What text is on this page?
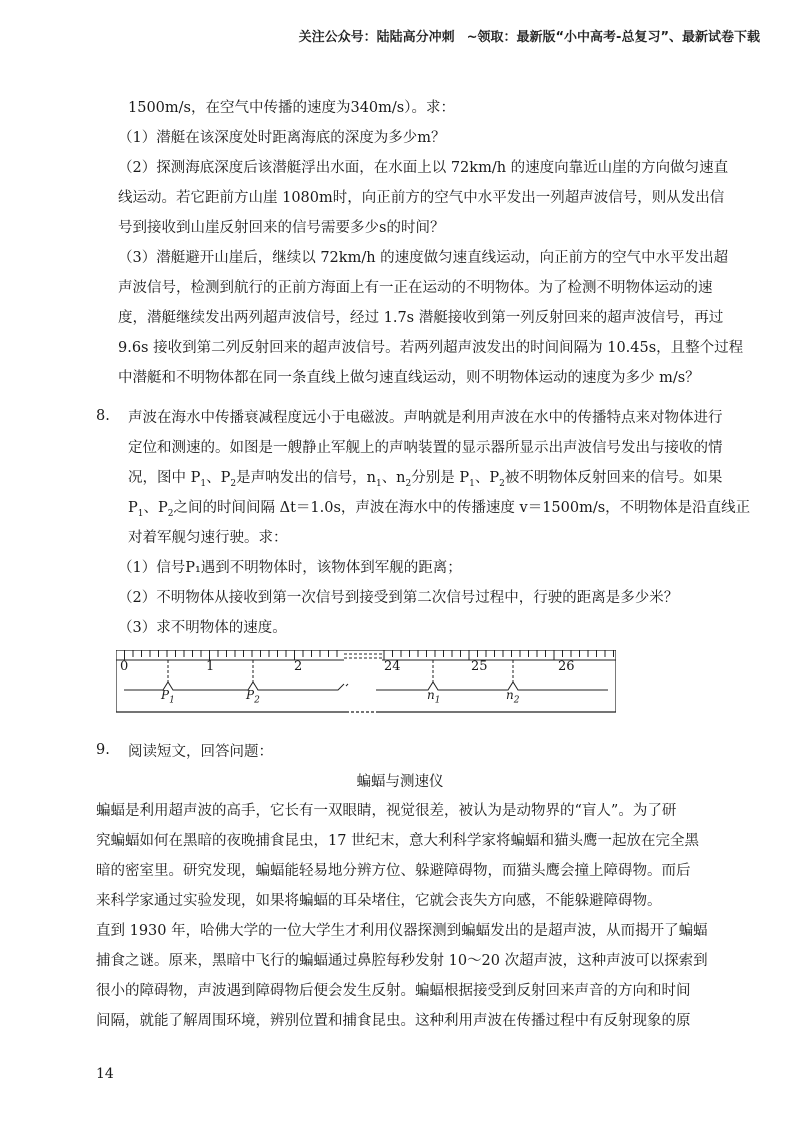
关注公众号：陆陆高分冲刺 ~领取：最新版“小中高考-总复习”、最新试卷下载
1500m/s，在空气中传播的速度为340m/s）。求：
（1）潜艇在该深度处时距离海底的深度为多少m？
（2）探测海底深度后该潜艇浮出水面，在水面上以 72km/h 的速度向靠近山崖的方向做匀速直
线运动。若它距前方山崖 1080m时，向正前方的空气中水平发出一列超声波信号，则从发出信
号到接收到山崖反射回来的信号需要多少s的时间？
（3）潜艇避开山崖后，继续以 72km/h 的速度做匀速直线运动，向正前方的空气中水平发出超
声波信号，检测到航行的正前方海面上有一正在运动的不明物体。为了检测不明物体运动的速
度，潜艇继续发出两列超声波信号，经过 1.7s 潜艇接收到第一列反射回来的超声波信号，再过
9.6s 接收到第二列反射回来的超声波信号。若两列超声波发出的时间间隔为 10.45s，且整个过程
中潜艇和不明物体都在同一条直线上做匀速直线运动，则不明物体运动的速度为多少 m/s？
8. 声波在海水中传播衰减程度远小于电磁波。声呐就是利用声波在水中的传播特点来对物体进行
定位和测速的。如图是一艘静止军舰上的声呐装置的显示器所显示出声波信号发出与接收的情
况，图中 $P_1$、$P_2$是声呐发出的信号，$n_1$、$n_2$分别是 $P_1$、$P_2$被不明物体反射回来的信号。如果
$P_1$、$P_2$之间的时间间隔 Δt＝1.0s，声波在海水中的传播速度 v＝1500m/s，不明物体是沿直线正
对着军舰匀速行驶。求：
（1）信号P₁遇到不明物体时，该物体到军舰的距离；
（2）不明物体从接收到第一次信号到接受到第二次信号过程中，行驶的距离是多少米？
（3）求不明物体的速度。
0	1	2	24	25	26
$P_1$	$P_2$	$n_1$	$n_2$
9. 阅读短文，回答问题：
蝙蝠与测速仪
蝙蝠是利用超声波的高手，它长有一双眼睛，视觉很差，被认为是动物界的“盲人”。为了研
究蝙蝠如何在黑暗的夜晚捕食昆虫，17 世纪末，意大利科学家将蝙蝠和猫头鹰一起放在完全黑
暗的密室里。研究发现，蝙蝠能轻易地分辨方位、躲避障碍物，而猫头鹰会撞上障碍物。而后
来科学家通过实验发现，如果将蝙蝠的耳朵堵住，它就会丧失方向感，不能躲避障碍物。
直到 1930 年，哈佛大学的一位大学生才利用仪器探测到蝙蝠发出的是超声波，从而揭开了蝙蝠
捕食之谜。原来，黑暗中飞行的蝙蝠通过鼻腔每秒发射 10～20 次超声波，这种声波可以探索到
很小的障碍物，声波遇到障碍物后便会发生反射。蝙蝠根据接受到反射回来声音的方向和时间
间隔，就能了解周围环境，辨别位置和捕食昆虫。这种利用声波在传播过程中有反射现象的原
14
